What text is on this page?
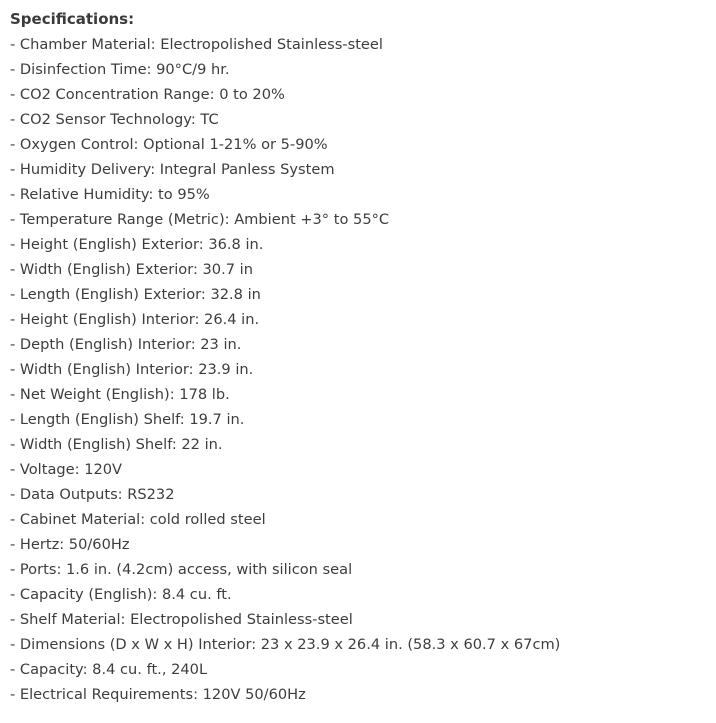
Specifications:
- Chamber Material: Electropolished Stainless-steel
- Disinfection Time: 90°C/9 hr.
- CO2 Concentration Range: 0 to 20%
- CO2 Sensor Technology: TC
- Oxygen Control: Optional 1-21% or 5-90%
- Humidity Delivery: Integral Panless System
- Relative Humidity: to 95%
- Temperature Range (Metric): Ambient +3° to 55°C
- Height (English) Exterior: 36.8 in.
- Width (English) Exterior: 30.7 in
- Length (English) Exterior: 32.8 in
- Height (English) Interior: 26.4 in.
- Depth (English) Interior: 23 in.
- Width (English) Interior: 23.9 in.
- Net Weight (English): 178 lb.
- Length (English) Shelf: 19.7 in.
- Width (English) Shelf: 22 in.
- Voltage: 120V
- Data Outputs: RS232
- Cabinet Material: cold rolled steel
- Hertz: 50/60Hz
- Ports: 1.6 in. (4.2cm) access, with silicon seal
- Capacity (English): 8.4 cu. ft.
- Shelf Material: Electropolished Stainless-steel
- Dimensions (D x W x H) Interior: 23 x 23.9 x 26.4 in. (58.3 x 60.7 x 67cm)
- Capacity: 8.4 cu. ft., 240L
- Electrical Requirements: 120V 50/60Hz
